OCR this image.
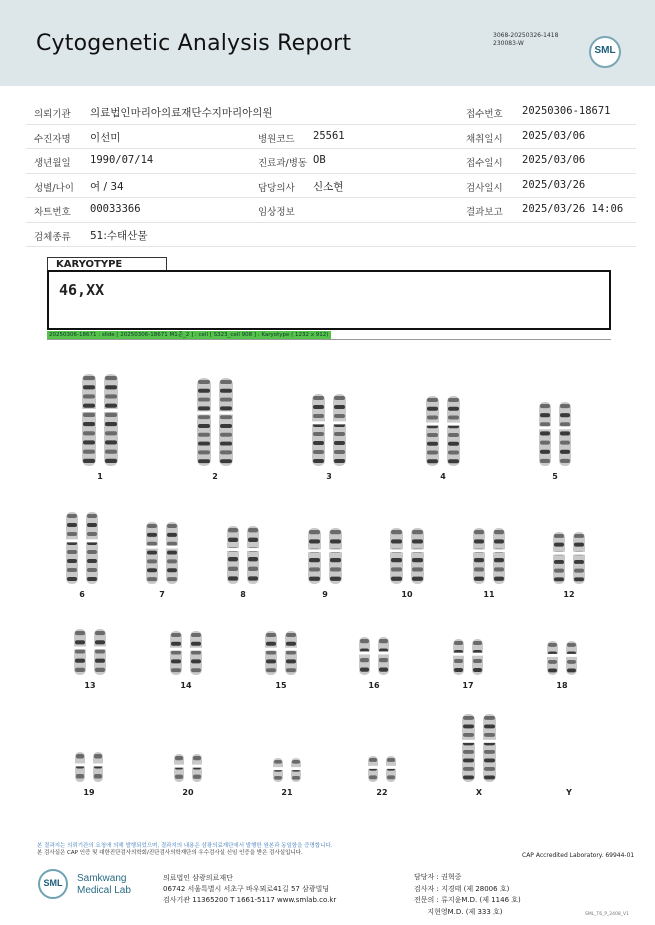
Cytogenetic Analysis Report	3068-20250326-1418
230083-W
SML
의뢰기관 의료법인마리아의료재단수지마리아의원	접수번호 20250306-18671
수진자명 이선미	병원코드 25561	채취일시 2025/03/06
생년월일 1990/07/14	진료과/병동 OB	접수일시 2025/03/06
성별/나이 여 / 34	담당의사 신소현	검사일시 2025/03/26
차트번호 00033366	임상정보	결과보고 2025/03/26 14:06
검체종류 51:수태산물
KARYOTYPE
46,XX
20250306-18671 : slide [ 20250306-18671 M1준_2 ] : cell [ S323_cell 908 ] : Karyotype ( 1232 x 912)
1	2	3	4	5
6	7	8	9	10	11	12
13	14	15	16	17	18
19	20	21	22	X	Y
본 결과지는 의뢰기관의 요청에 의해 발행되었으며, 결과지의 내용은 삼광의료재단에서 발행한 원본과 동일함을 증명합니다.
본 검사실은 CAP 인증 및 대한진단검사의학회/진단검사의학재단의 우수검사실 신임 인증을 받은 검사실입니다.	CAP Accredited Laboratory. 69944-01
SML	Samkwang
Medical Lab
의료법인 삼광의료재단
06742 서울특별시 서초구 바우뫼로41길 57 삼광빌딩
검사기관 11365200 T 1661-5117 www.smlab.co.kr
담당자 : 권혁중
검사자 : 지경태 (제 28006 호)
전문의 : 류지윤M.D. (제 1146 호)
지현영M.D. (제 333 호)	SML_T6_P_2408_V1
